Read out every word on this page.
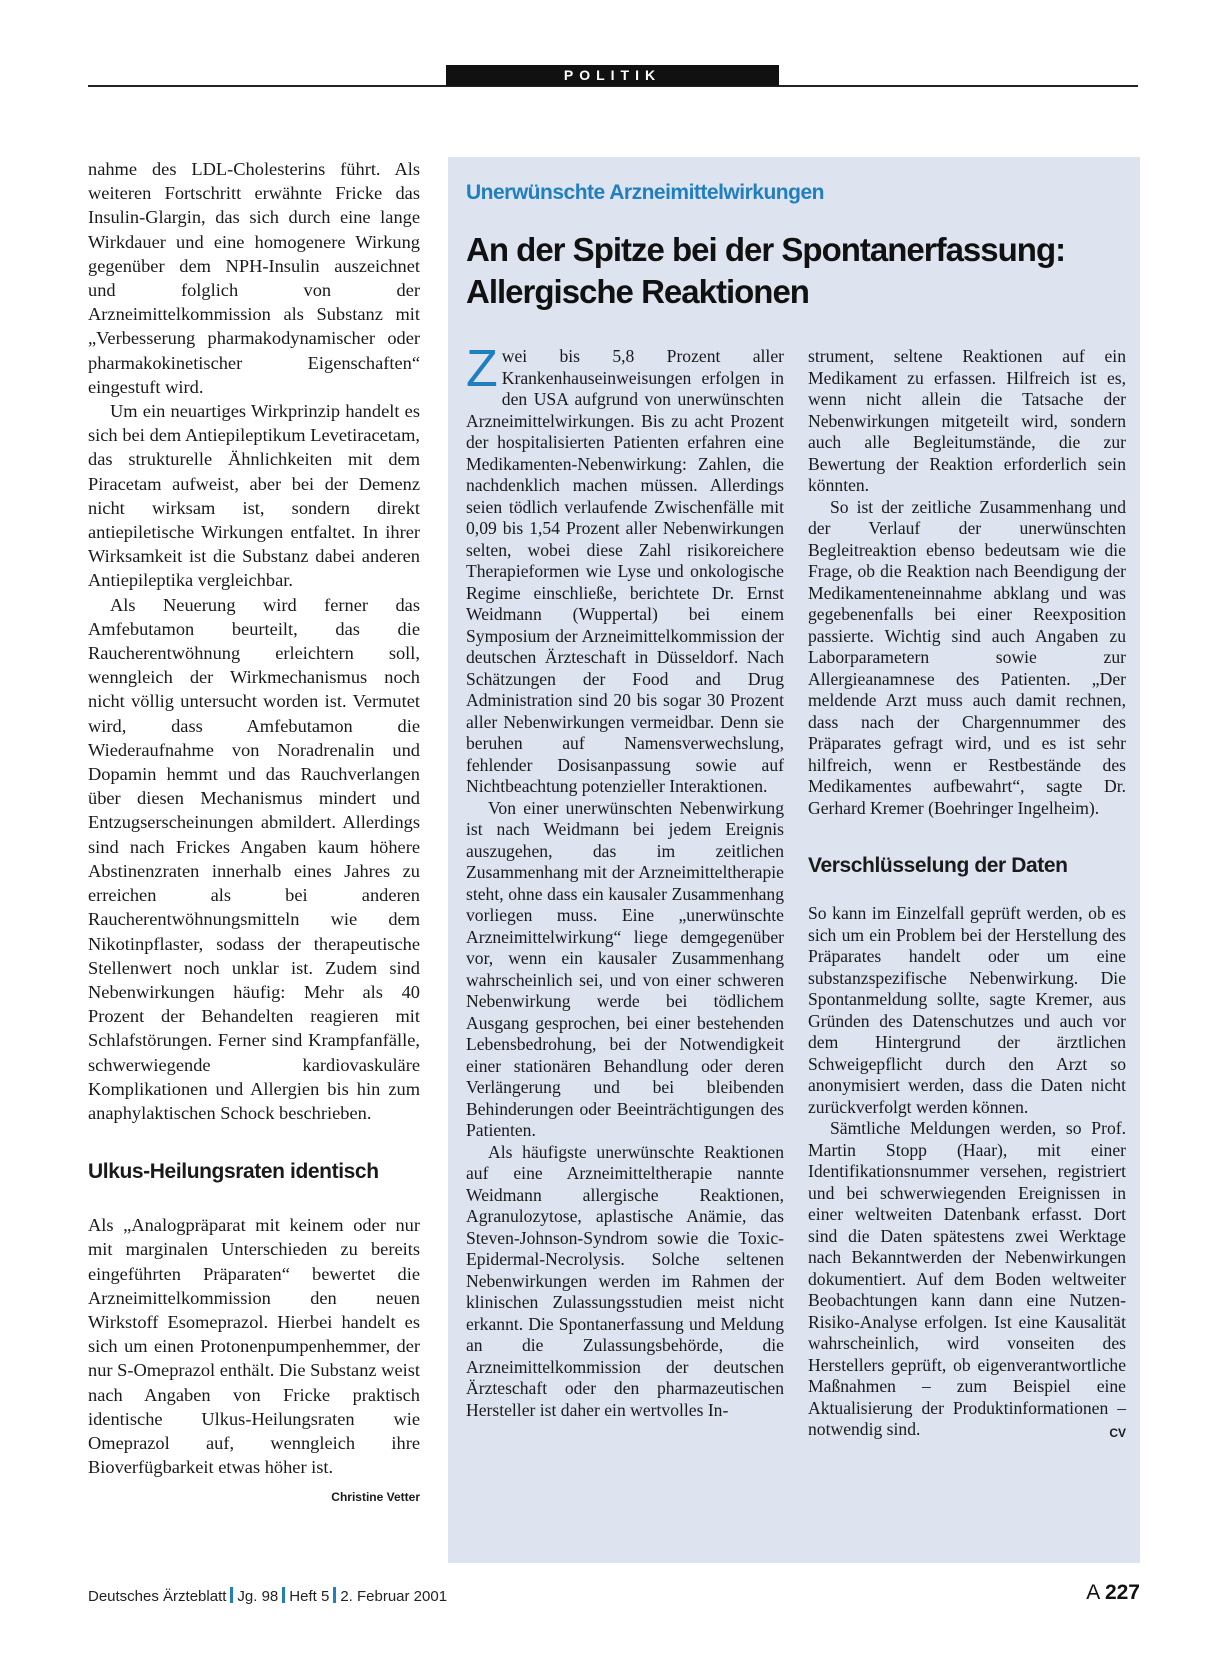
POLITIK

nahme des LDL-Cholesterins führt. Als weiteren Fortschritt erwähnte Fricke das Insulin-Glargin, das sich durch eine lange Wirkdauer und eine homogenere Wirkung gegenüber dem NPH-Insulin auszeichnet und folglich von der Arzneimittelkommission als Substanz mit „Verbesserung pharmakodynamischer oder pharmakokinetischer Eigenschaften“ eingestuft wird.

Um ein neuartiges Wirkprinzip handelt es sich bei dem Antiepileptikum Levetiracetam, das strukturelle Ähnlichkeiten mit dem Piracetam aufweist, aber bei der Demenz nicht wirksam ist, sondern direkt antiepiletische Wirkungen entfaltet. In ihrer Wirksamkeit ist die Substanz dabei anderen Antiepileptika vergleichbar.

Als Neuerung wird ferner das Amfebutamon beurteilt, das die Raucherentwöhnung erleichtern soll, wenngleich der Wirkmechanismus noch nicht völlig untersucht worden ist. Vermutet wird, dass Amfebutamon die Wiederaufnahme von Noradrenalin und Dopamin hemmt und das Rauchverlangen über diesen Mechanismus mindert und Entzugserscheinungen abmildert. Allerdings sind nach Frickes Angaben kaum höhere Abstinenzraten innerhalb eines Jahres zu erreichen als bei anderen Raucherentwöhnungsmitteln wie dem Nikotinpflaster, sodass der therapeutische Stellenwert noch unklar ist. Zudem sind Nebenwirkungen häufig: Mehr als 40 Prozent der Behandelten reagieren mit Schlafstörungen. Ferner sind Krampfanfälle, schwerwiegende kardiovaskuläre Komplikationen und Allergien bis hin zum anaphylaktischen Schock beschrieben.

Ulkus-Heilungsraten identisch

Als „Analogpräparat mit keinem oder nur mit marginalen Unterschieden zu bereits eingeführten Präparaten“ bewertet die Arzneimittelkommission den neuen Wirkstoff Esomeprazol. Hierbei handelt es sich um einen Protonenpumpenhemmer, der nur S-Omeprazol enthält. Die Substanz weist nach Angaben von Fricke praktisch identische Ulkus-Heilungsraten wie Omeprazol auf, wenngleich ihre Bioverfügbarkeit etwas höher ist.
Christine Vetter

Unerwünschte Arzneimittelwirkungen
An der Spitze bei der Spontanerfassung: Allergische Reaktionen

Zwei bis 5,8 Prozent aller Krankenhauseinweisungen erfolgen in den USA aufgrund von unerwünschten Arzneimittelwirkungen. Bis zu acht Prozent der hospitalisierten Patienten erfahren eine Medikamenten-Nebenwirkung: Zahlen, die nachdenklich machen müssen. Allerdings seien tödlich verlaufende Zwischenfälle mit 0,09 bis 1,54 Prozent aller Nebenwirkungen selten, wobei diese Zahl risikoreichere Therapieformen wie Lyse und onkologische Regime einschließe, berichtete Dr. Ernst Weidmann (Wuppertal) bei einem Symposium der Arzneimittelkommission der deutschen Ärzteschaft in Düsseldorf. Nach Schätzungen der Food and Drug Administration sind 20 bis sogar 30 Prozent aller Nebenwirkungen vermeidbar. Denn sie beruhen auf Namensverwechslung, fehlender Dosisanpassung sowie auf Nichtbeachtung potenzieller Interaktionen.

Von einer unerwünschten Nebenwirkung ist nach Weidmann bei jedem Ereignis auszugehen, das im zeitlichen Zusammenhang mit der Arzneimitteltherapie steht, ohne dass ein kausaler Zusammenhang vorliegen muss. Eine „unerwünschte Arzneimittelwirkung“ liege demgegenüber vor, wenn ein kausaler Zusammenhang wahrscheinlich sei, und von einer schweren Nebenwirkung werde bei tödlichem Ausgang gesprochen, bei einer bestehenden Lebensbedrohung, bei der Notwendigkeit einer stationären Behandlung oder deren Verlängerung und bei bleibenden Behinderungen oder Beeinträchtigungen des Patienten.

Als häufigste unerwünschte Reaktionen auf eine Arzneimitteltherapie nannte Weidmann allergische Reaktionen, Agranulozytose, aplastische Anämie, das Steven-Johnson-Syndrom sowie die Toxic-Epidermal-Necrolysis. Solche seltenen Nebenwirkungen werden im Rahmen der klinischen Zulassungsstudien meist nicht erkannt. Die Spontanerfassung und Meldung an die Zulassungsbehörde, die Arzneimittelkommission der deutschen Ärzteschaft oder den pharmazeutischen Hersteller ist daher ein wertvolles In-

strument, seltene Reaktionen auf ein Medikament zu erfassen. Hilfreich ist es, wenn nicht allein die Tatsache der Nebenwirkungen mitgeteilt wird, sondern auch alle Begleitumstände, die zur Bewertung der Reaktion erforderlich sein könnten.

So ist der zeitliche Zusammenhang und der Verlauf der unerwünschten Begleitreaktion ebenso bedeutsam wie die Frage, ob die Reaktion nach Beendigung der Medikamenteneinnahme abklang und was gegebenenfalls bei einer Reexposition passierte. Wichtig sind auch Angaben zu Laborparametern sowie zur Allergieanamnese des Patienten. „Der meldende Arzt muss auch damit rechnen, dass nach der Chargennummer des Präparates gefragt wird, und es ist sehr hilfreich, wenn er Restbestände des Medikamentes aufbewahrt“, sagte Dr. Gerhard Kremer (Boehringer Ingelheim).

Verschlüsselung der Daten

So kann im Einzelfall geprüft werden, ob es sich um ein Problem bei der Herstellung des Präparates handelt oder um eine substanzspezifische Nebenwirkung. Die Spontanmeldung sollte, sagte Kremer, aus Gründen des Datenschutzes und auch vor dem Hintergrund der ärztlichen Schweigepflicht durch den Arzt so anonymisiert werden, dass die Daten nicht zurückverfolgt werden können.

Sämtliche Meldungen werden, so Prof. Martin Stopp (Haar), mit einer Identifikationsnummer versehen, registriert und bei schwerwiegenden Ereignissen in einer weltweiten Datenbank erfasst. Dort sind die Daten spätestens zwei Werktage nach Bekanntwerden der Nebenwirkungen dokumentiert. Auf dem Boden weltweiter Beobachtungen kann dann eine Nutzen-Risiko-Analyse erfolgen. Ist eine Kausalität wahrscheinlich, wird vonseiten des Herstellers geprüft, ob eigenverantwortliche Maßnahmen – zum Beispiel eine Aktualisierung der Produktinformationen – notwendig sind.	CV

Deutsches Ärzteblatt Jg. 98 Heft 5 2. Februar 2001	A 227
